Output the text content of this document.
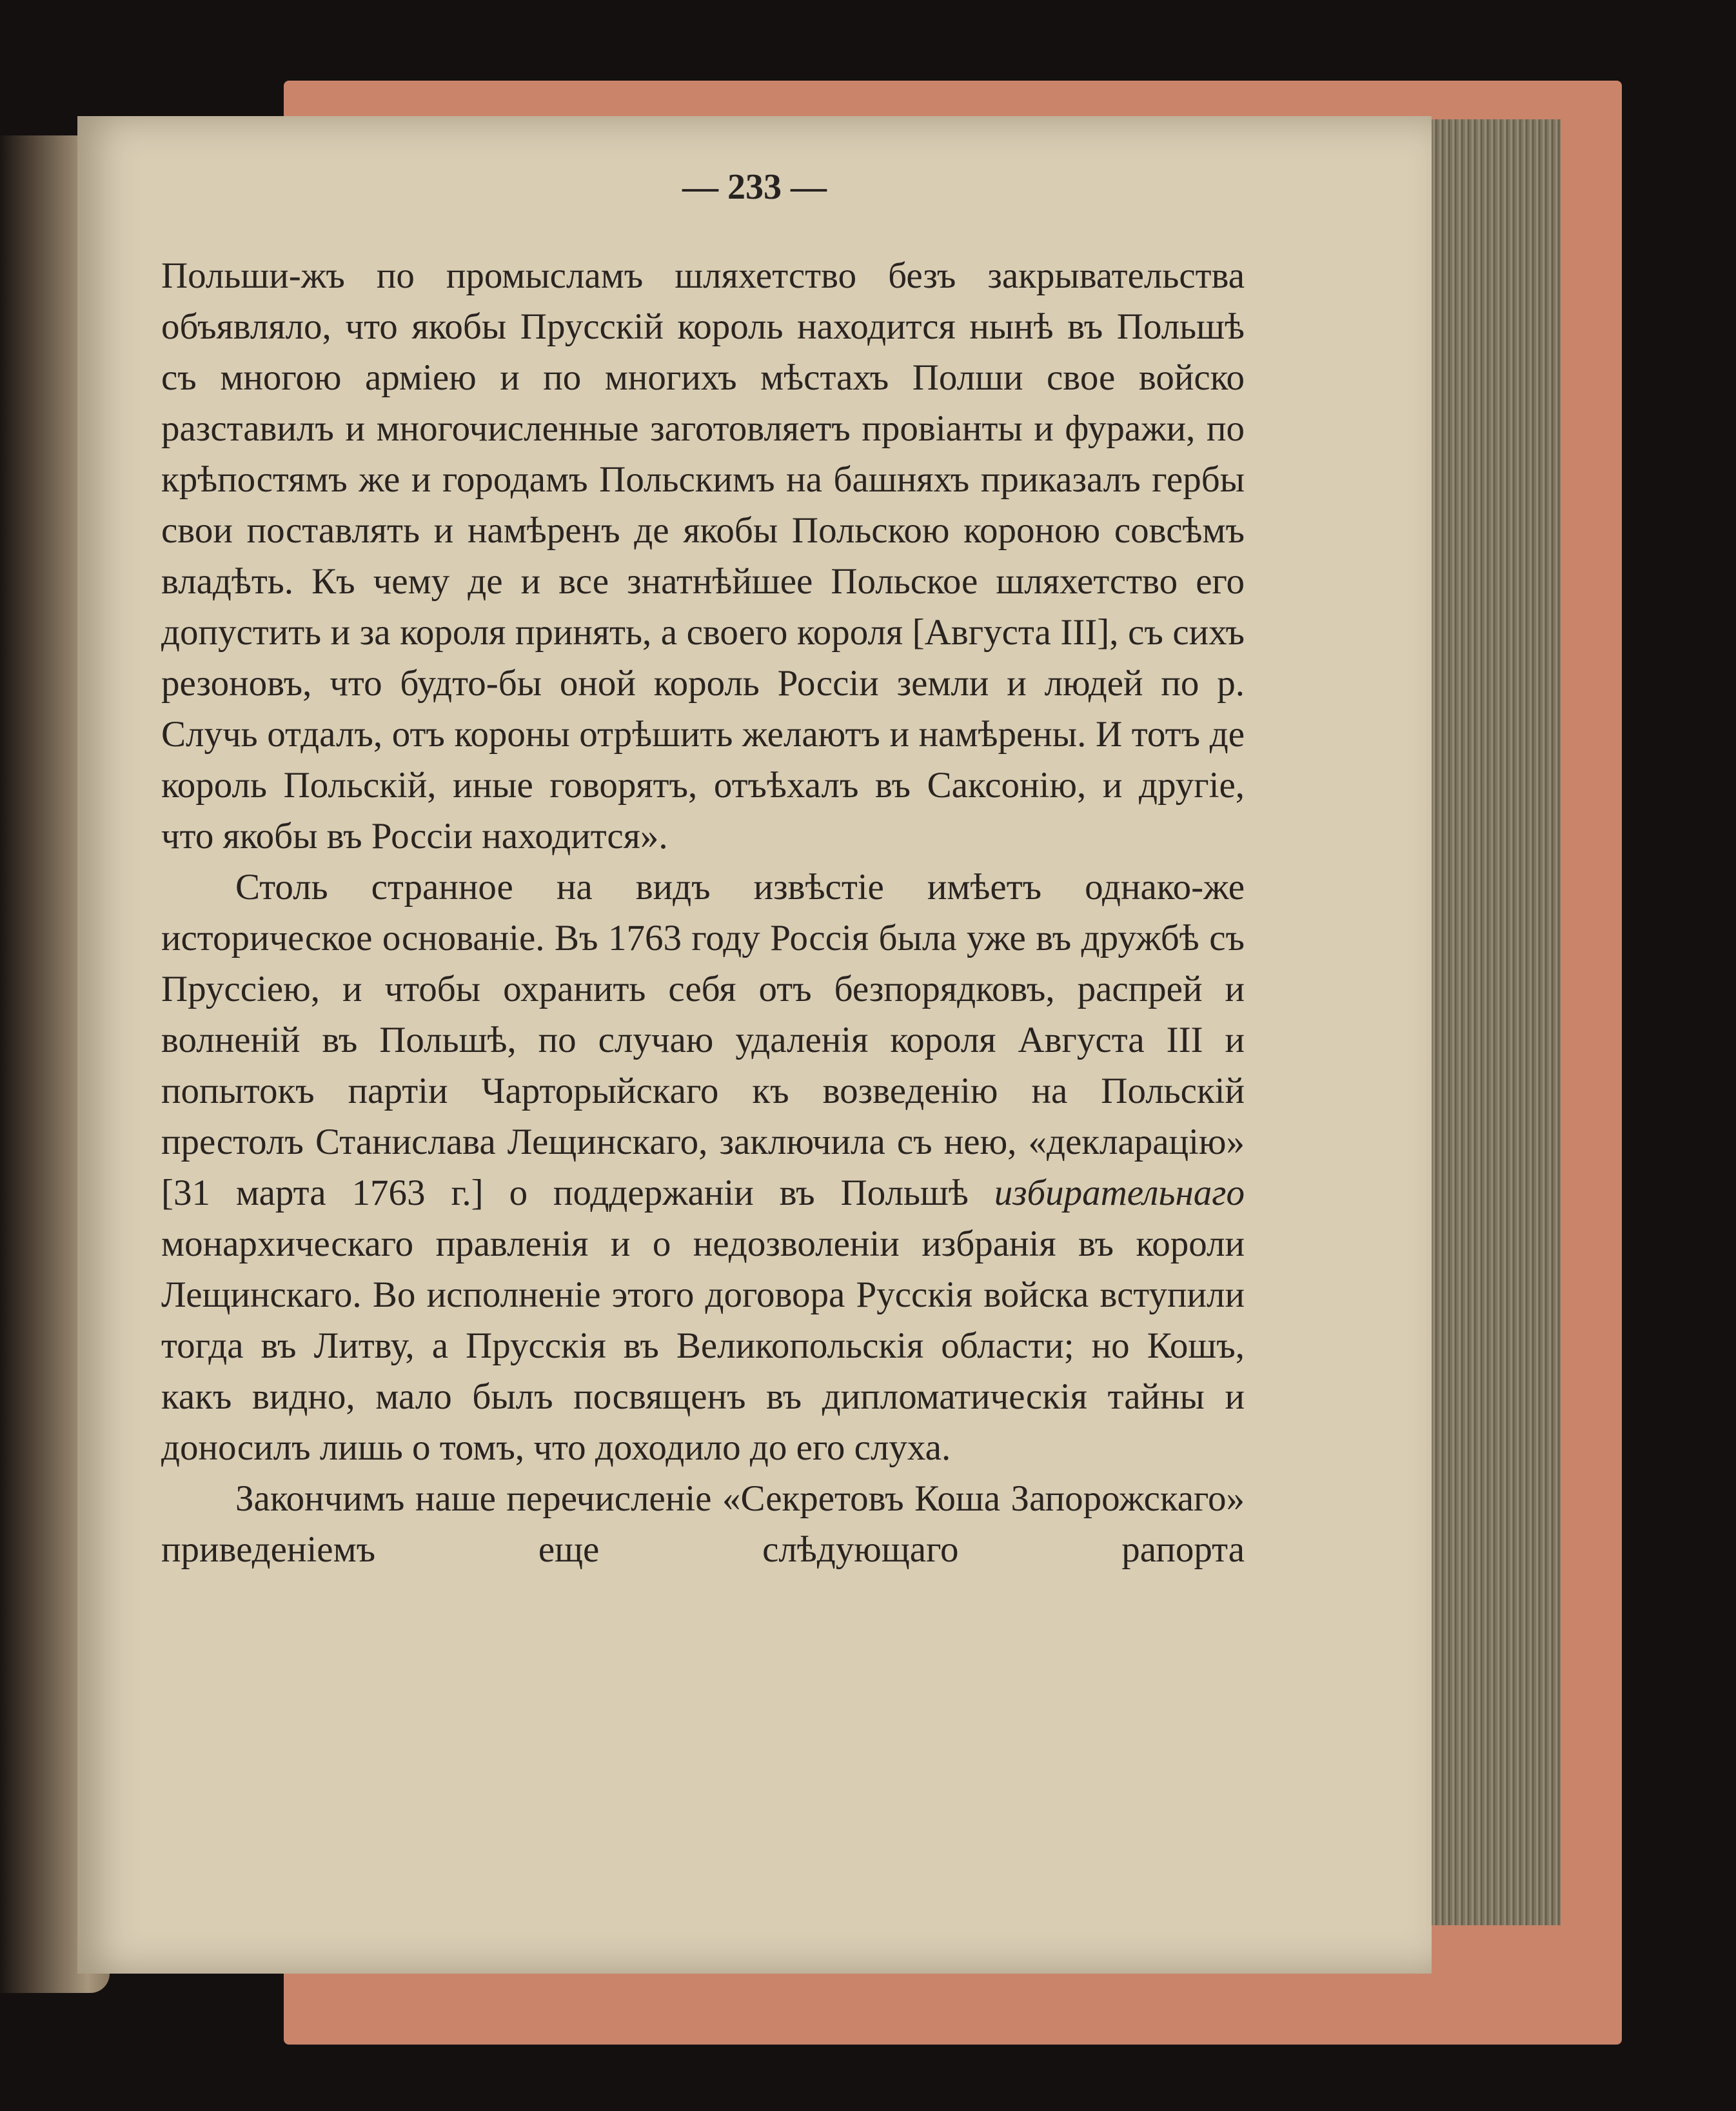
— 233 —

Польши-жъ по промысламъ шляхетство безъ закрывательства объявляло, что якобы Прусскій король находится нынѣ въ Польшѣ съ многою арміею и по многихъ мѣстахъ Полши свое войско разставилъ и многочисленные заготовляетъ провіанты и фуражи, по крѣпостямъ же и городамъ Польскимъ на башняхъ приказалъ гербы свои поставлять и намѣренъ де якобы Польскою короною совсѣмъ владѣть. Къ чему де и все знатнѣйшее Польское шляхетство его допустить и за короля принять, а своего короля [Августа III], съ сихъ резоновъ, что будто-бы оной король Россіи земли и людей по р. Случь отдалъ, отъ короны отрѣшить желаютъ и намѣрены. И тотъ де король Польскій, иные говорятъ, отъѣхалъ въ Саксонію, и другіе, что якобы въ Россіи находится».

Столь странное на видъ извѣстіе имѣетъ однако-же историческое основаніе. Въ 1763 году Россія была уже въ дружбѣ съ Пруссіею, и чтобы охранить себя отъ безпорядковъ, распрей и волненій въ Польшѣ, по случаю удаленія короля Августа III и попытокъ партіи Чарторыйскаго къ возведенію на Польскій престолъ Станислава Лещинскаго, заключила съ нею, «декларацію» [31 марта 1763 г.] о поддержаніи въ Польшѣ избирательнаго монархическаго правленія и о недозволеніи избранія въ короли Лещинскаго. Во исполненіе этого договора Русскія войска вступили тогда въ Литву, а Прусскія въ Великопольскія области; но Кошъ, какъ видно, мало былъ посвященъ въ дипломатическія тайны и доносилъ лишь о томъ, что доходило до его слуха.

Закончимъ наше перечисленіе «Секретовъ Коша Запорожскаго» приведеніемъ еще слѣдующаго рапорта
